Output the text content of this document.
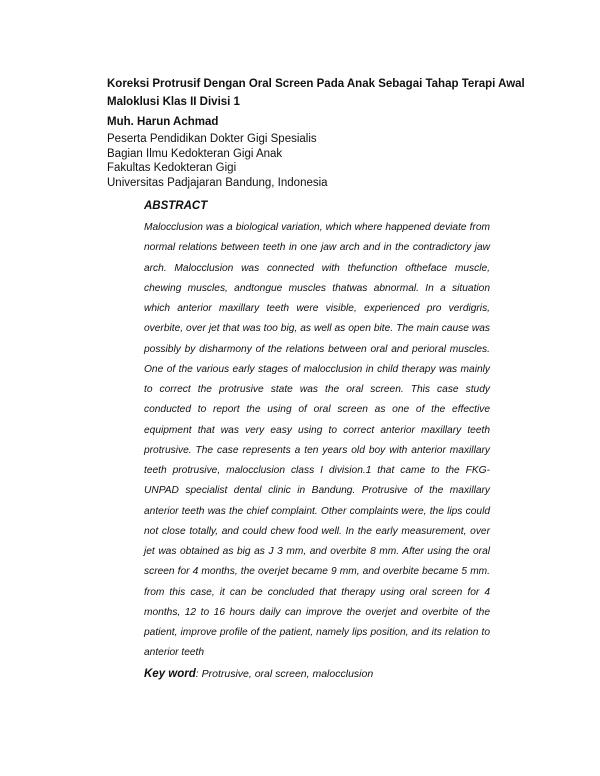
Koreksi Protrusif Dengan Oral Screen Pada Anak Sebagai Tahap Terapi Awal Maloklusi Klas II Divisi 1

Muh. Harun Achmad

Peserta Pendidikan Dokter Gigi Spesialis

Bagian Ilmu Kedokteran Gigi Anak

Fakultas Kedokteran Gigi

Universitas Padjajaran Bandung, Indonesia

ABSTRACT

Malocclusion was a biological variation, which where happened deviate from normal relations between teeth in one jaw arch and in the contradictory jaw arch. Malocclusion was connected with thefunction oftheface muscle, chewing muscles, andtongue muscles thatwas abnormal. In a situation which anterior maxillary teeth were visible, experienced pro verdigris, overbite, over jet that was too big, as well as open bite. The main cause was possibly by disharmony of the relations between oral and perioral muscles. One of the various early stages of malocclusion in child therapy was mainly to correct the protrusive state was the oral screen. This case study conducted to report the using of oral screen as one of the effective equipment that was very easy using to correct anterior maxillary teeth protrusive. The case represents a ten years old boy with anterior maxillary teeth protrusive, malocclusion class I division.1 that came to the FKG-UNPAD specialist dental clinic in Bandung. Protrusive of the maxillary anterior teeth was the chief complaint. Other complaints were, the lips could not close totally, and could chew food well. In the early measurement, over jet was obtained as big as J 3 mm, and overbite 8 mm. After using the oral screen for 4 months, the overjet became 9 mm, and overbite became 5 mm. from this case, it can be concluded that therapy using oral screen for 4 months, 12 to 16 hours daily can improve the overjet and overbite of the patient, improve profile of the patient, namely lips position, and its relation to anterior teeth

Key word: Protrusive, oral screen, malocclusion
